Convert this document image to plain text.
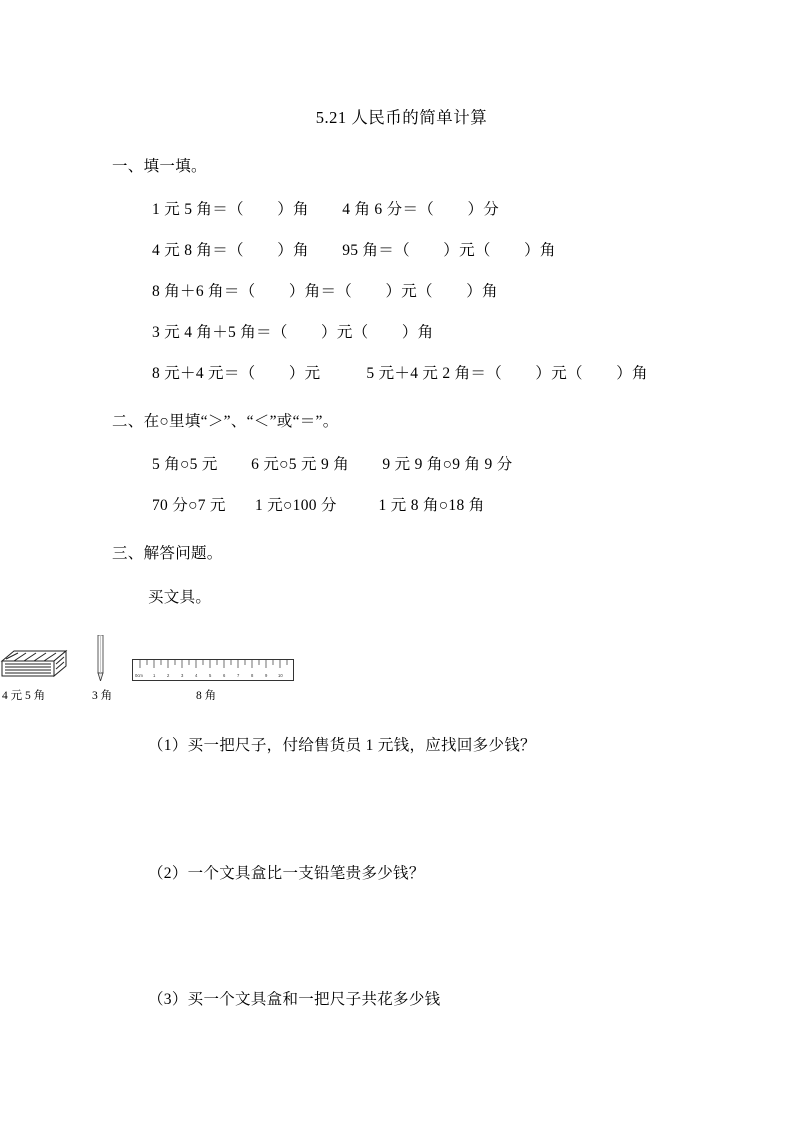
5.21 人民币的简单计算
一、填一填。
1 元 5 角＝（        ）角        4 角 6 分＝（        ）分
4 元 8 角＝（        ）角        95 角＝（        ）元（        ）角
8 角＋6 角＝（        ）角＝（        ）元（        ）角
3 元 4 角＋5 角＝（        ）元（        ）角
8 元＋4 元＝（        ）元           5 元＋4 元 2 角＝（        ）元（        ）角
二、在○里填“＞”、“＜”或“＝”。
5 角○5 元        6 元○5 元 9 角        9 元 9 角○9 角 9 分
70 分○7 元       1 元○100 分          1 元 8 角○18 角
三、解答问题。
买文具。
4 元 5 角	3 角
0cm 1	2	3	4	5	6	7	8	9	10
8 角
（1）买一把尺子，付给售货员 1 元钱，应找回多少钱？
（2）一个文具盒比一支铅笔贵多少钱？
（3）买一个文具盒和一把尺子共花多少钱
